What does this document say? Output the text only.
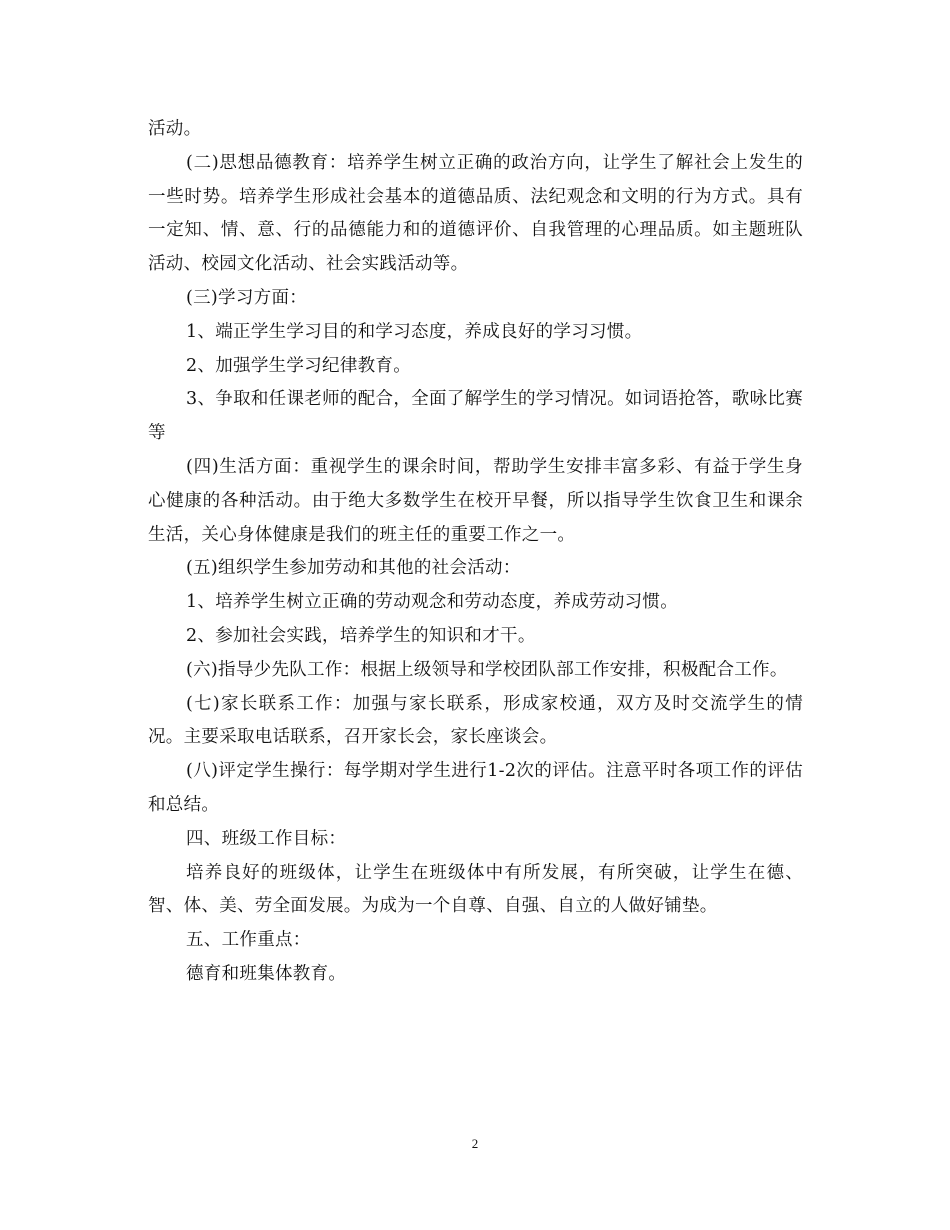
活动。

(二)思想品德教育：培养学生树立正确的政治方向，让学生了解社会上发生的一些时势。培养学生形成社会基本的道德品质、法纪观念和文明的行为方式。具有一定知、情、意、行的品德能力和的道德评价、自我管理的心理品质。如主题班队活动、校园文化活动、社会实践活动等。

(三)学习方面：

1、端正学生学习目的和学习态度，养成良好的学习习惯。

2、加强学生学习纪律教育。

3、争取和任课老师的配合，全面了解学生的学习情况。如词语抢答，歌咏比赛等

(四)生活方面：重视学生的课余时间，帮助学生安排丰富多彩、有益于学生身心健康的各种活动。由于绝大多数学生在校开早餐，所以指导学生饮食卫生和课余生活，关心身体健康是我们的班主任的重要工作之一。

(五)组织学生参加劳动和其他的社会活动：

1、培养学生树立正确的劳动观念和劳动态度，养成劳动习惯。

2、参加社会实践，培养学生的知识和才干。

(六)指导少先队工作：根据上级领导和学校团队部工作安排，积极配合工作。

(七)家长联系工作：加强与家长联系，形成家校通，双方及时交流学生的情况。主要采取电话联系，召开家长会，家长座谈会。

(八)评定学生操行：每学期对学生进行1-2次的评估。注意平时各项工作的评估和总结。

四、班级工作目标：

培养良好的班级体，让学生在班级体中有所发展，有所突破，让学生在德、智、体、美、劳全面发展。为成为一个自尊、自强、自立的人做好铺垫。

五、工作重点：

德育和班集体教育。

2
